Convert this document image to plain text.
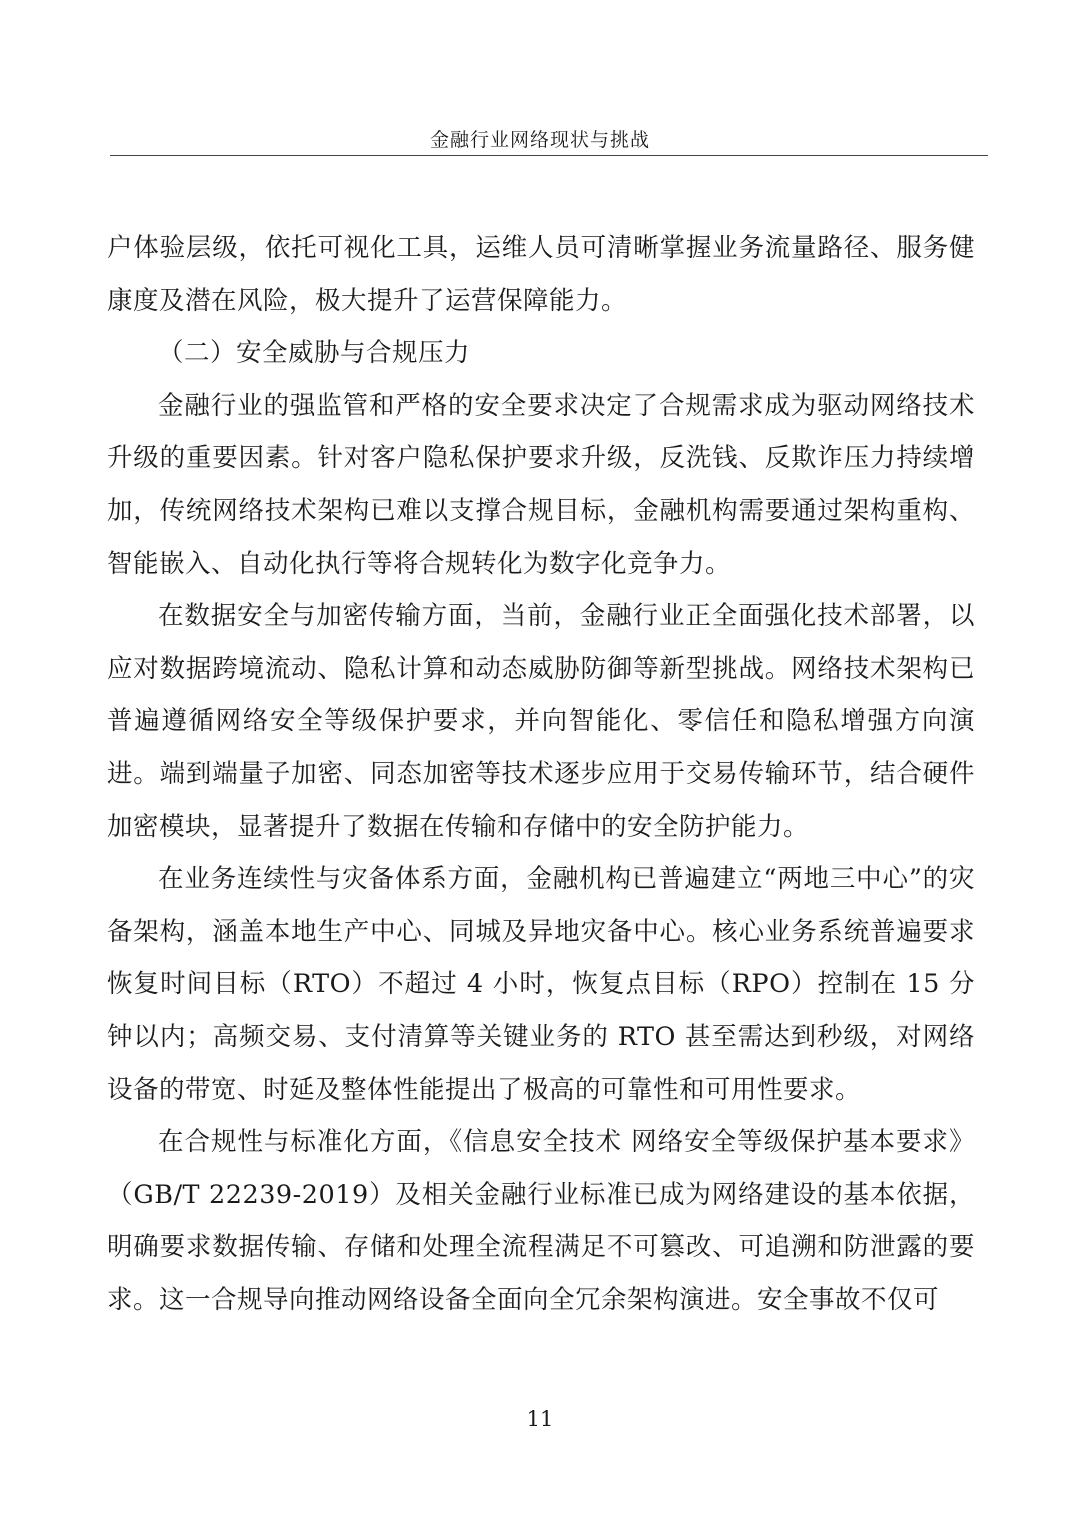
金融行业网络现状与挑战

户体验层级，依托可视化工具，运维人员可清晰掌握业务流量路径、服务健康度及潜在风险，极大提升了运营保障能力。

（二）安全威胁与合规压力

金融行业的强监管和严格的安全要求决定了合规需求成为驱动网络技术升级的重要因素。针对客户隐私保护要求升级，反洗钱、反欺诈压力持续增加，传统网络技术架构已难以支撑合规目标，金融机构需要通过架构重构、智能嵌入、自动化执行等将合规转化为数字化竞争力。

在数据安全与加密传输方面，当前，金融行业正全面强化技术部署，以应对数据跨境流动、隐私计算和动态威胁防御等新型挑战。网络技术架构已普遍遵循网络安全等级保护要求，并向智能化、零信任和隐私增强方向演进。端到端量子加密、同态加密等技术逐步应用于交易传输环节，结合硬件加密模块，显著提升了数据在传输和存储中的安全防护能力。

在业务连续性与灾备体系方面，金融机构已普遍建立“两地三中心”的灾备架构，涵盖本地生产中心、同城及异地灾备中心。核心业务系统普遍要求恢复时间目标（RTO）不超过 4 小时，恢复点目标（RPO）控制在 15 分钟以内；高频交易、支付清算等关键业务的 RTO 甚至需达到秒级，对网络设备的带宽、时延及整体性能提出了极高的可靠性和可用性要求。

在合规性与标准化方面，《信息安全技术 网络安全等级保护基本要求》（GB/T 22239-2019）及相关金融行业标准已成为网络建设的基本依据，明确要求数据传输、存储和处理全流程满足不可篡改、可追溯和防泄露的要求。这一合规导向推动网络设备全面向全冗余架构演进。安全事故不仅可

11
